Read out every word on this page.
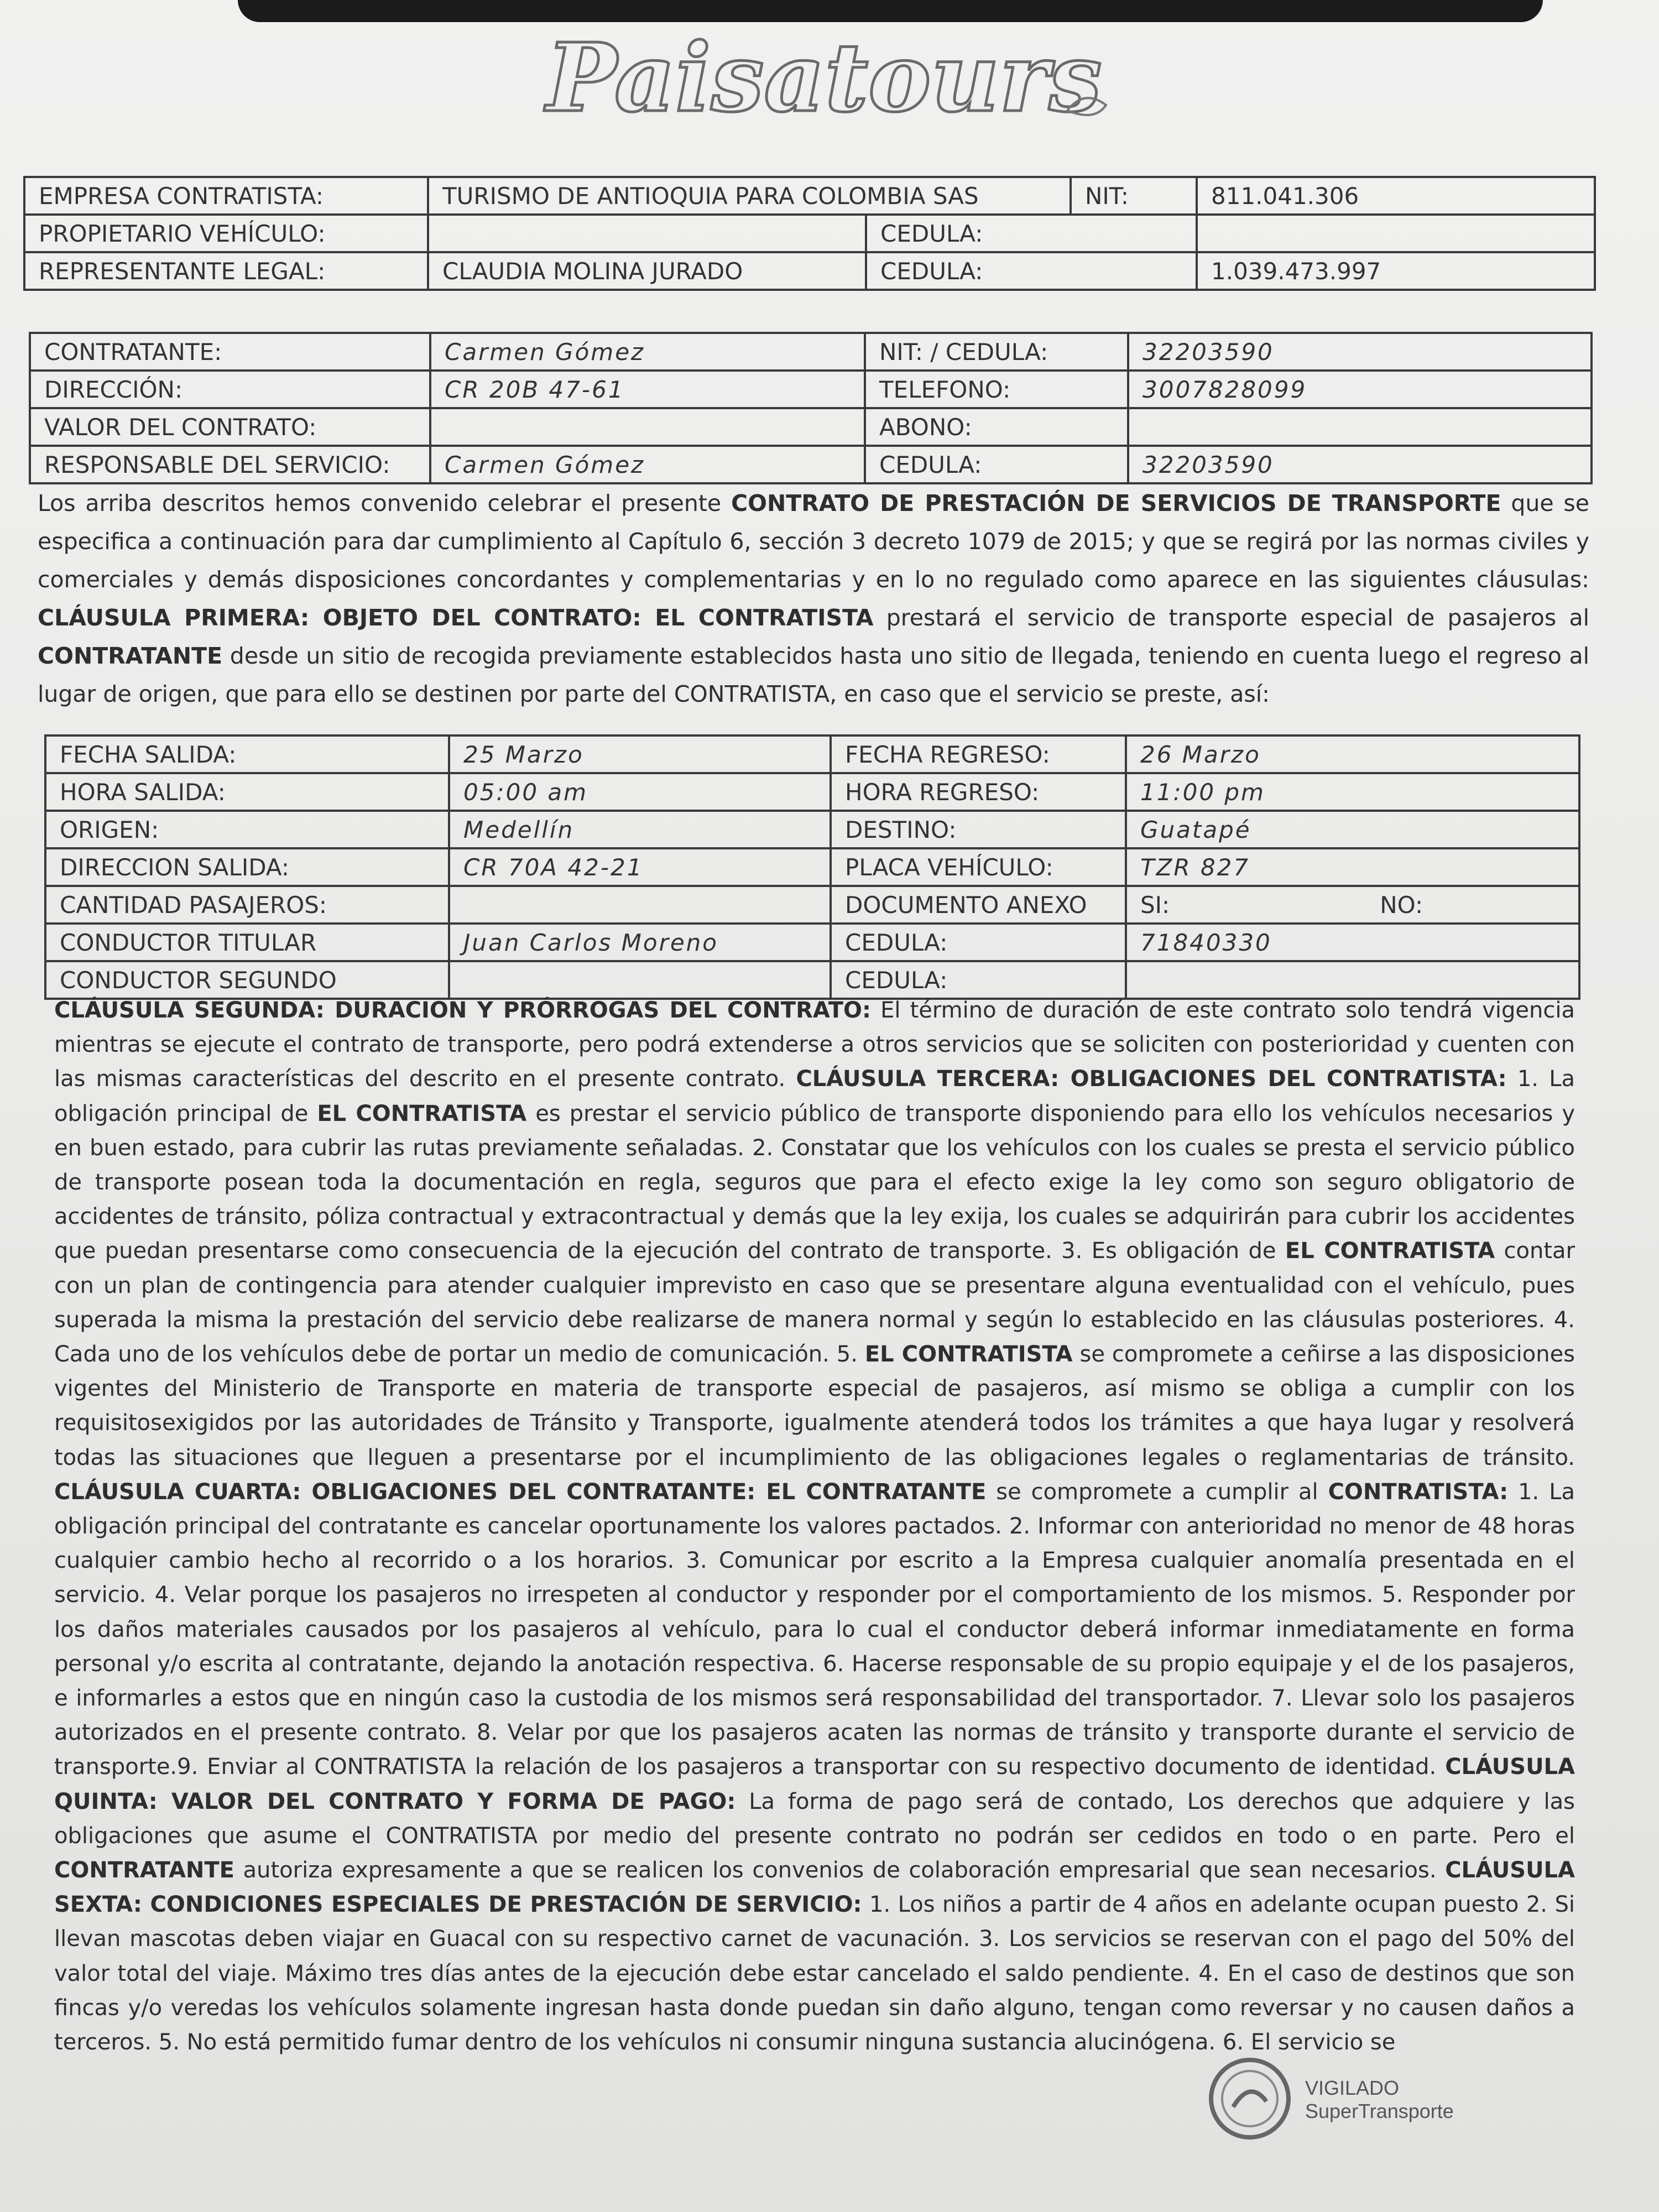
Paisatours
EMPRESA CONTRATISTA:	TURISMO DE ANTIOQUIA PARA COLOMBIA SAS		NIT:	811.041.306
PROPIETARIO VEHÍCULO:		CEDULA:		
REPRESENTANTE LEGAL:	CLAUDIA MOLINA JURADO	CEDULA:		1.039.473.997
CONTRATANTE:	Carmen Gómez	NIT: / CEDULA:	32203590
DIRECCIÓN:	CR 20B 47-61	TELEFONO:	3007828099
VALOR DEL CONTRATO:		ABONO:	
RESPONSABLE DEL SERVICIO:	Carmen Gómez	CEDULA:	32203590
Los arriba descritos hemos convenido celebrar el presente CONTRATO DE PRESTACIÓN DE SERVICIOS DE TRANSPORTE que se especifica a continuación para dar cumplimiento al Capítulo 6, sección 3 decreto 1079 de 2015; y que se regirá por las normas civiles y comerciales y demás disposiciones concordantes y complementarias y en lo no regulado como aparece en las siguientes cláusulas: CLÁUSULA PRIMERA: OBJETO DEL CONTRATO: EL CONTRATISTA prestará el servicio de transporte especial de pasajeros al CONTRATANTE desde un sitio de recogida previamente establecidos hasta uno sitio de llegada, teniendo en cuenta luego el regreso al lugar de origen, que para ello se destinen por parte del CONTRATISTA, en caso que el servicio se preste, así:
FECHA SALIDA:	25 Marzo	FECHA REGRESO:	26 Marzo
HORA SALIDA:	05:00 am	HORA REGRESO:	11:00 pm
ORIGEN:	Medellín	DESTINO:	Guatapé
DIRECCION SALIDA:	CR 70A 42-21	PLACA VEHÍCULO:	TZR 827
CANTIDAD PASAJEROS:		DOCUMENTO ANEXO	SI: NO:
CONDUCTOR TITULAR	Juan Carlos Moreno	CEDULA:	71840330
CONDUCTOR SEGUNDO		CEDULA:	
CLÁUSULA SEGUNDA: DURACION Y PRÓRROGAS DEL CONTRATO: El término de duración de este contrato solo tendrá vigencia mientras se ejecute el contrato de transporte, pero podrá extenderse a otros servicios que se soliciten con posterioridad y cuenten con las mismas características del descrito en el presente contrato. CLÁUSULA TERCERA: OBLIGACIONES DEL CONTRATISTA: 1. La obligación principal de EL CONTRATISTA es prestar el servicio público de transporte disponiendo para ello los vehículos necesarios y en buen estado, para cubrir las rutas previamente señaladas. 2. Constatar que los vehículos con los cuales se presta el servicio público de transporte posean toda la documentación en regla, seguros que para el efecto exige la ley como son seguro obligatorio de accidentes de tránsito, póliza contractual y extracontractual y demás que la ley exija, los cuales se adquirirán para cubrir los accidentes que puedan presentarse como consecuencia de la ejecución del contrato de transporte. 3. Es obligación de EL CONTRATISTA contar con un plan de contingencia para atender cualquier imprevisto en caso que se presentare alguna eventualidad con el vehículo, pues superada la misma la prestación del servicio debe realizarse de manera normal y según lo establecido en las cláusulas posteriores. 4. Cada uno de los vehículos debe de portar un medio de comunicación. 5. EL CONTRATISTA se compromete a ceñirse a las disposiciones vigentes del Ministerio de Transporte en materia de transporte especial de pasajeros, así mismo se obliga a cumplir con los requisitosexigidos por las autoridades de Tránsito y Transporte, igualmente atenderá todos los trámites a que haya lugar y resolverá todas las situaciones que lleguen a presentarse por el incumplimiento de las obligaciones legales o reglamentarias de tránsito. CLÁUSULA CUARTA: OBLIGACIONES DEL CONTRATANTE: EL CONTRATANTE se compromete a cumplir al CONTRATISTA: 1. La obligación principal del contratante es cancelar oportunamente los valores pactados. 2. Informar con anterioridad no menor de 48 horas cualquier cambio hecho al recorrido o a los horarios. 3. Comunicar por escrito a la Empresa cualquier anomalía presentada en el servicio. 4. Velar porque los pasajeros no irrespeten al conductor y responder por el comportamiento de los mismos. 5. Responder por los daños materiales causados por los pasajeros al vehículo, para lo cual el conductor deberá informar inmediatamente en forma personal y/o escrita al contratante, dejando la anotación respectiva. 6. Hacerse responsable de su propio equipaje y el de los pasajeros, e informarles a estos que en ningún caso la custodia de los mismos será responsabilidad del transportador. 7. Llevar solo los pasajeros autorizados en el presente contrato. 8. Velar por que los pasajeros acaten las normas de tránsito y transporte durante el servicio de transporte.9. Enviar al CONTRATISTA la relación de los pasajeros a transportar con su respectivo documento de identidad. CLÁUSULA QUINTA: VALOR DEL CONTRATO Y FORMA DE PAGO: La forma de pago será de contado, Los derechos que adquiere y las obligaciones que asume el CONTRATISTA por medio del presente contrato no podrán ser cedidos en todo o en parte. Pero el CONTRATANTE autoriza expresamente a que se realicen los convenios de colaboración empresarial que sean necesarios. CLÁUSULA SEXTA: CONDICIONES ESPECIALES DE PRESTACIÓN DE SERVICIO: 1. Los niños a partir de 4 años en adelante ocupan puesto 2. Si llevan mascotas deben viajar en Guacal con su respectivo carnet de vacunación. 3. Los servicios se reservan con el pago del 50% del valor total del viaje. Máximo tres días antes de la ejecución debe estar cancelado el saldo pendiente. 4. En el caso de destinos que son fincas y/o veredas los vehículos solamente ingresan hasta donde puedan sin daño alguno, tengan como reversar y no causen daños a terceros. 5. No está permitido fumar dentro de los vehículos ni consumir ninguna sustancia alucinógena. 6. El servicio se
VIGILADO
SuperTransporte
